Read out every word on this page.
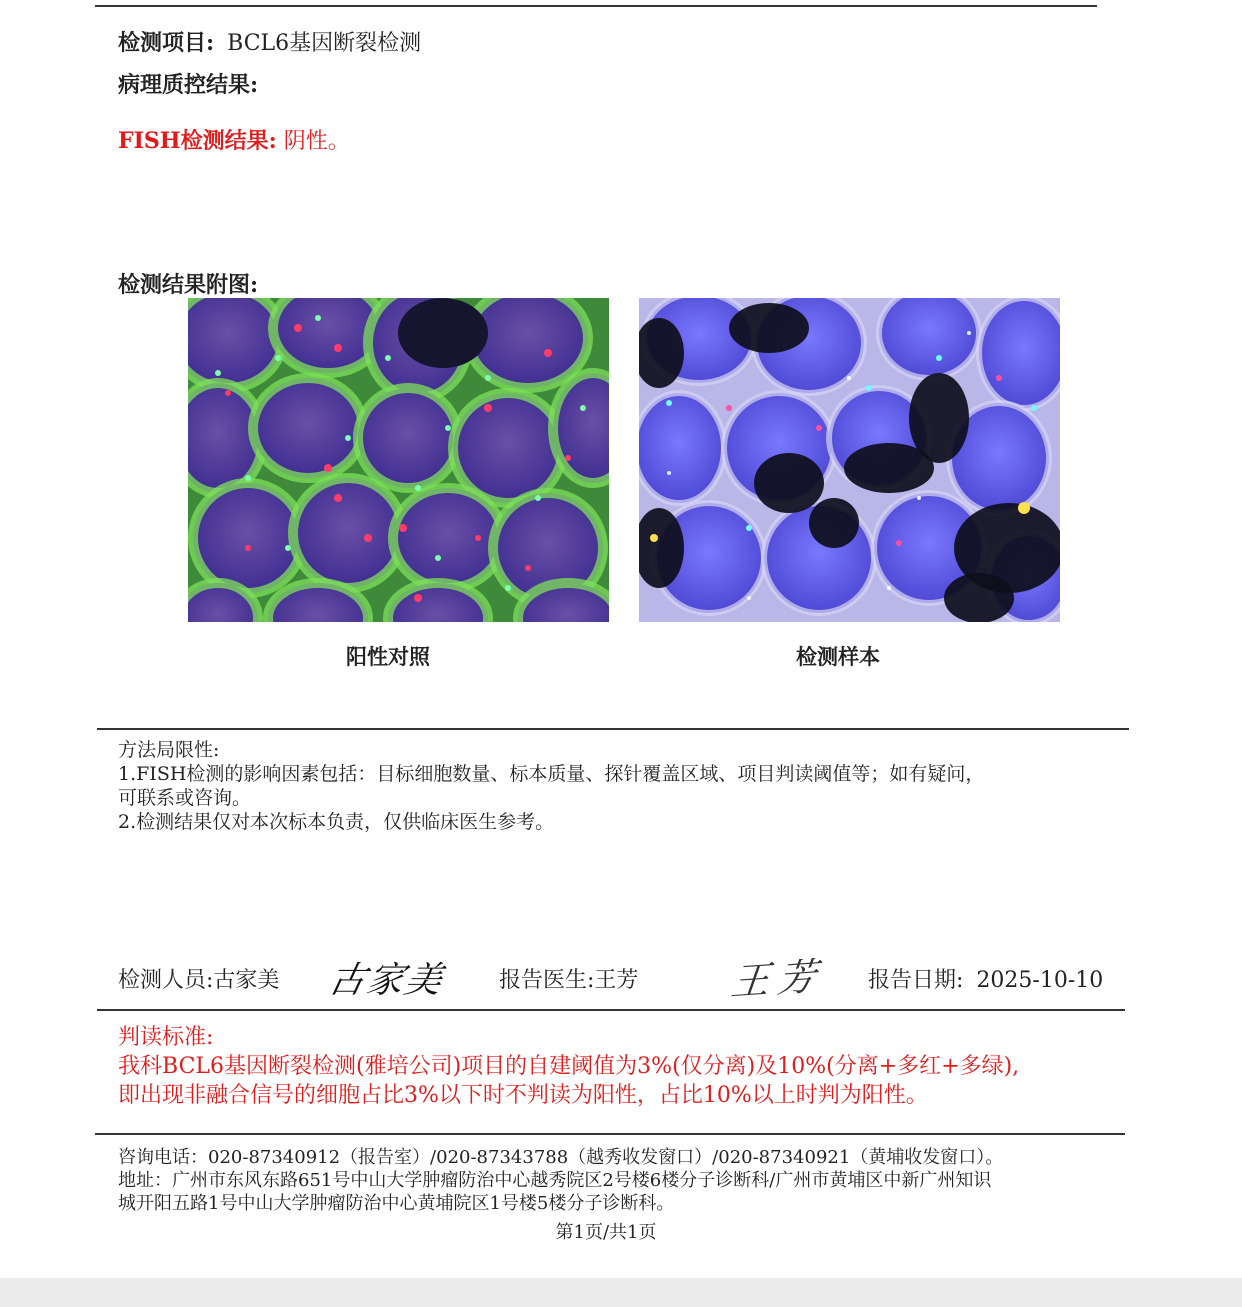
检测项目: BCL6基因断裂检测
病理质控结果:
FISH检测结果: 阴性。
检测结果附图:
阳性对照	检测样本
方法局限性:
1.FISH检测的影响因素包括：目标细胞数量、标本质量、探针覆盖区域、项目判读阈值等；如有疑问，
可联系或咨询。
2.检测结果仅对本次标本负责，仅供临床医生参考。
检测人员:古家美 古家美 报告医生:王芳 王芳 报告日期: 2025-10-10
判读标准:
我科BCL6基因断裂检测(雅培公司)项目的自建阈值为3%(仅分离)及10%(分离+多红+多绿),
即出现非融合信号的细胞占比3%以下时不判读为阳性，占比10%以上时判为阳性。
咨询电话：020-87340912（报告室）/020-87343788（越秀收发窗口）/020-87340921（黄埔收发窗口）。
地址：广州市东风东路651号中山大学肿瘤防治中心越秀院区2号楼6楼分子诊断科/广州市黄埔区中新广州知识
城开阳五路1号中山大学肿瘤防治中心黄埔院区1号楼5楼分子诊断科。
第1页/共1页
